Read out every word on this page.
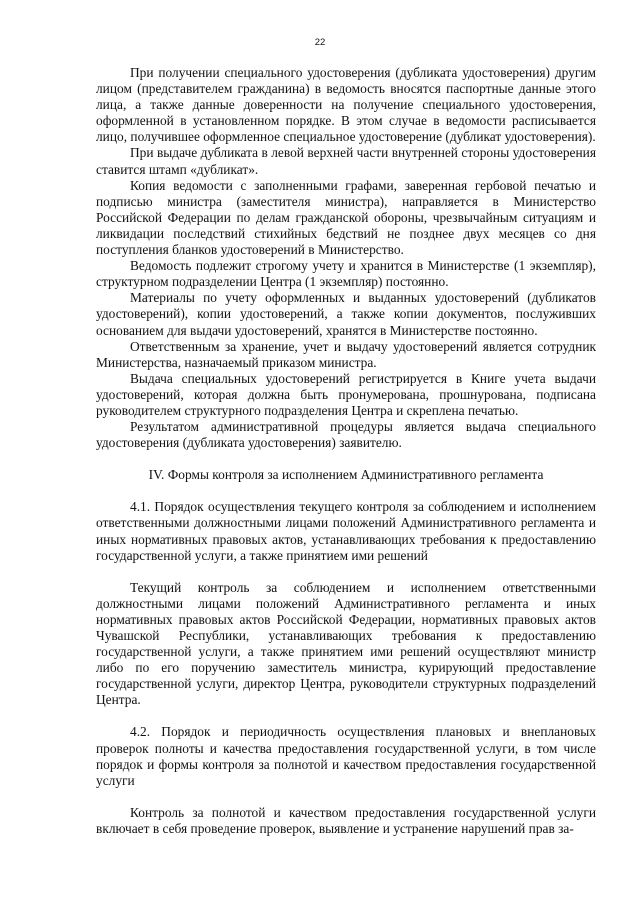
22

При получении специального удостоверения (дубликата удостоверения) другим лицом (представителем гражданина) в ведомость вносятся паспортные данные этого лица, а также данные доверенности на получение специального удостоверения, оформленной в установленном порядке. В этом случае в ведомости расписывается лицо, получившее оформленное специальное удостоверение (дубликат удостоверения).

При выдаче дубликата в левой верхней части внутренней стороны удостоверения ставится штамп «дубликат».

Копия ведомости с заполненными графами, заверенная гербовой печатью и подписью министра (заместителя министра), направляется в Министерство Российской Федерации по делам гражданской обороны, чрезвычайным ситуациям и ликвидации последствий стихийных бедствий не позднее двух месяцев со дня поступления бланков удостоверений в Министерство.

Ведомость подлежит строгому учету и хранится в Министерстве (1 экземпляр), структурном подразделении Центра (1 экземпляр) постоянно.

Материалы по учету оформленных и выданных удостоверений (дубликатов удостоверений), копии удостоверений, а также копии документов, послуживших основанием для выдачи удостоверений, хранятся в Министерстве постоянно.

Ответственным за хранение, учет и выдачу удостоверений является сотрудник Министерства, назначаемый приказом министра.

Выдача специальных удостоверений регистрируется в Книге учета выдачи удостоверений, которая должна быть пронумерована, прошнурована, подписана руководителем структурного подразделения Центра и скреплена печатью.

Результатом административной процедуры является выдача специального удостоверения (дубликата удостоверения) заявителю.

IV. Формы контроля за исполнением Административного регламента

4.1. Порядок осуществления текущего контроля за соблюдением и исполнением ответственными должностными лицами положений Административного регламента и иных нормативных правовых актов, устанавливающих требования к предоставлению государственной услуги, а также принятием ими решений

Текущий контроль за соблюдением и исполнением ответственными должностными лицами положений Административного регламента и иных нормативных правовых актов Российской Федерации, нормативных правовых актов Чувашской Республики, устанавливающих требования к предоставлению государственной услуги, а также принятием ими решений осуществляют министр либо по его поручению заместитель министра, курирующий предоставление государственной услуги, директор Центра, руководители структурных подразделений Центра.

4.2. Порядок и периодичность осуществления плановых и внеплановых проверок полноты и качества предоставления государственной услуги, в том числе порядок и формы контроля за полнотой и качеством предоставления государственной услуги

Контроль за полнотой и качеством предоставления государственной услуги включает в себя проведение проверок, выявление и устранение нарушений прав за-
